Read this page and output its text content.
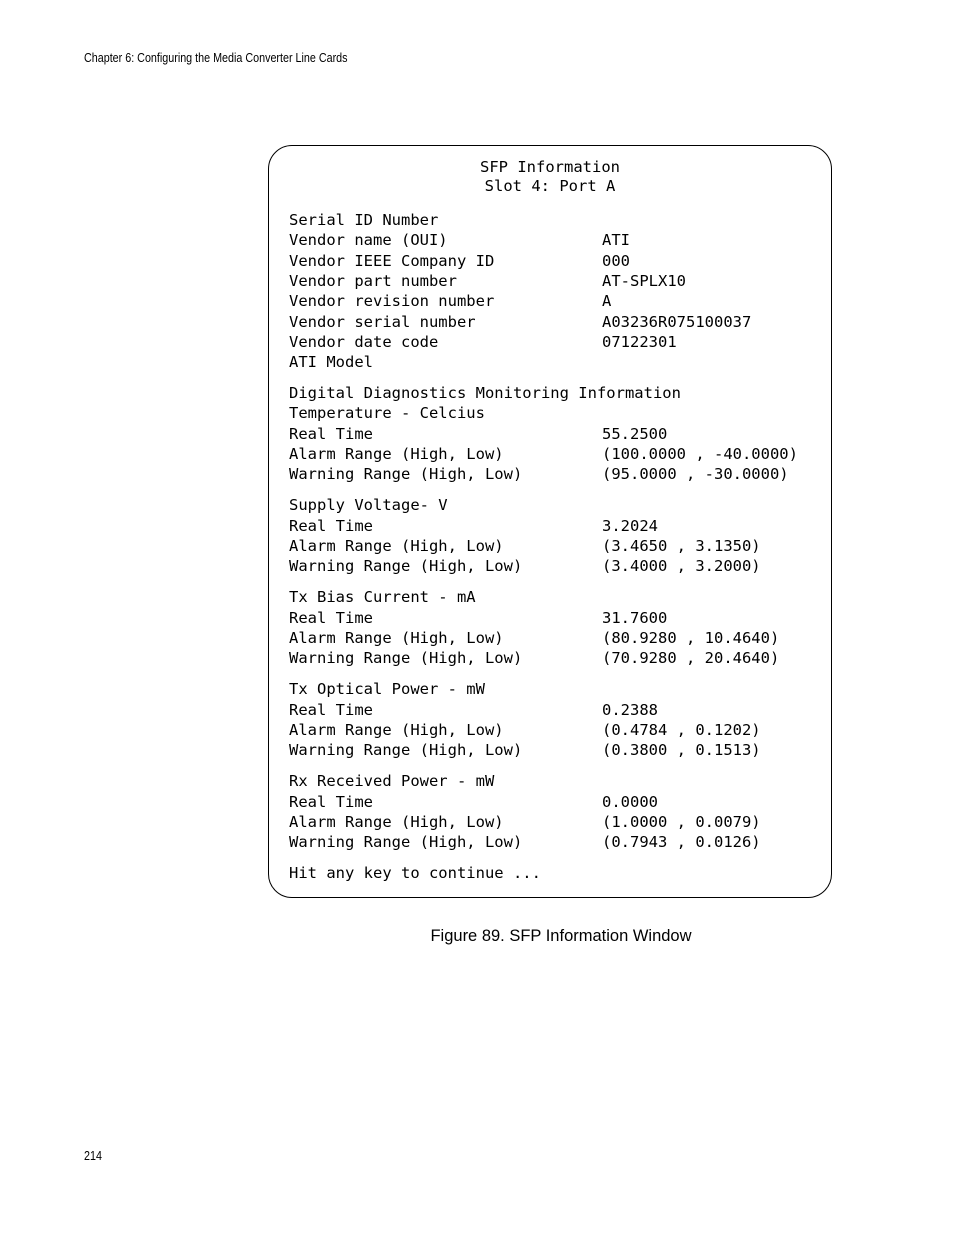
Chapter 6: Configuring the Media Converter Line Cards
SFP Information
Slot 4: Port A
Serial ID Number
Vendor name (OUI)	ATI
Vendor IEEE Company ID	000
Vendor part number	AT-SPLX10
Vendor revision number	A
Vendor serial number	A03236R075100037
Vendor date code	07122301
ATI Model
Digital Diagnostics Monitoring Information
Temperature - Celcius
Real Time	55.2500
Alarm Range (High, Low)	(100.0000 , -40.0000)
Warning Range (High, Low)	(95.0000 , -30.0000)
Supply Voltage- V
Real Time	3.2024
Alarm Range (High, Low)	(3.4650 , 3.1350)
Warning Range (High, Low)	(3.4000 , 3.2000)
Tx Bias Current - mA
Real Time	31.7600
Alarm Range (High, Low)	(80.9280 , 10.4640)
Warning Range (High, Low)	(70.9280 , 20.4640)
Tx Optical Power - mW
Real Time	0.2388
Alarm Range (High, Low)	(0.4784 , 0.1202)
Warning Range (High, Low)	(0.3800 , 0.1513)
Rx Received Power - mW
Real Time	0.0000
Alarm Range (High, Low)	(1.0000 , 0.0079)
Warning Range (High, Low)	(0.7943 , 0.0126)
Hit any key to continue ...
Figure 89. SFP Information Window
214
